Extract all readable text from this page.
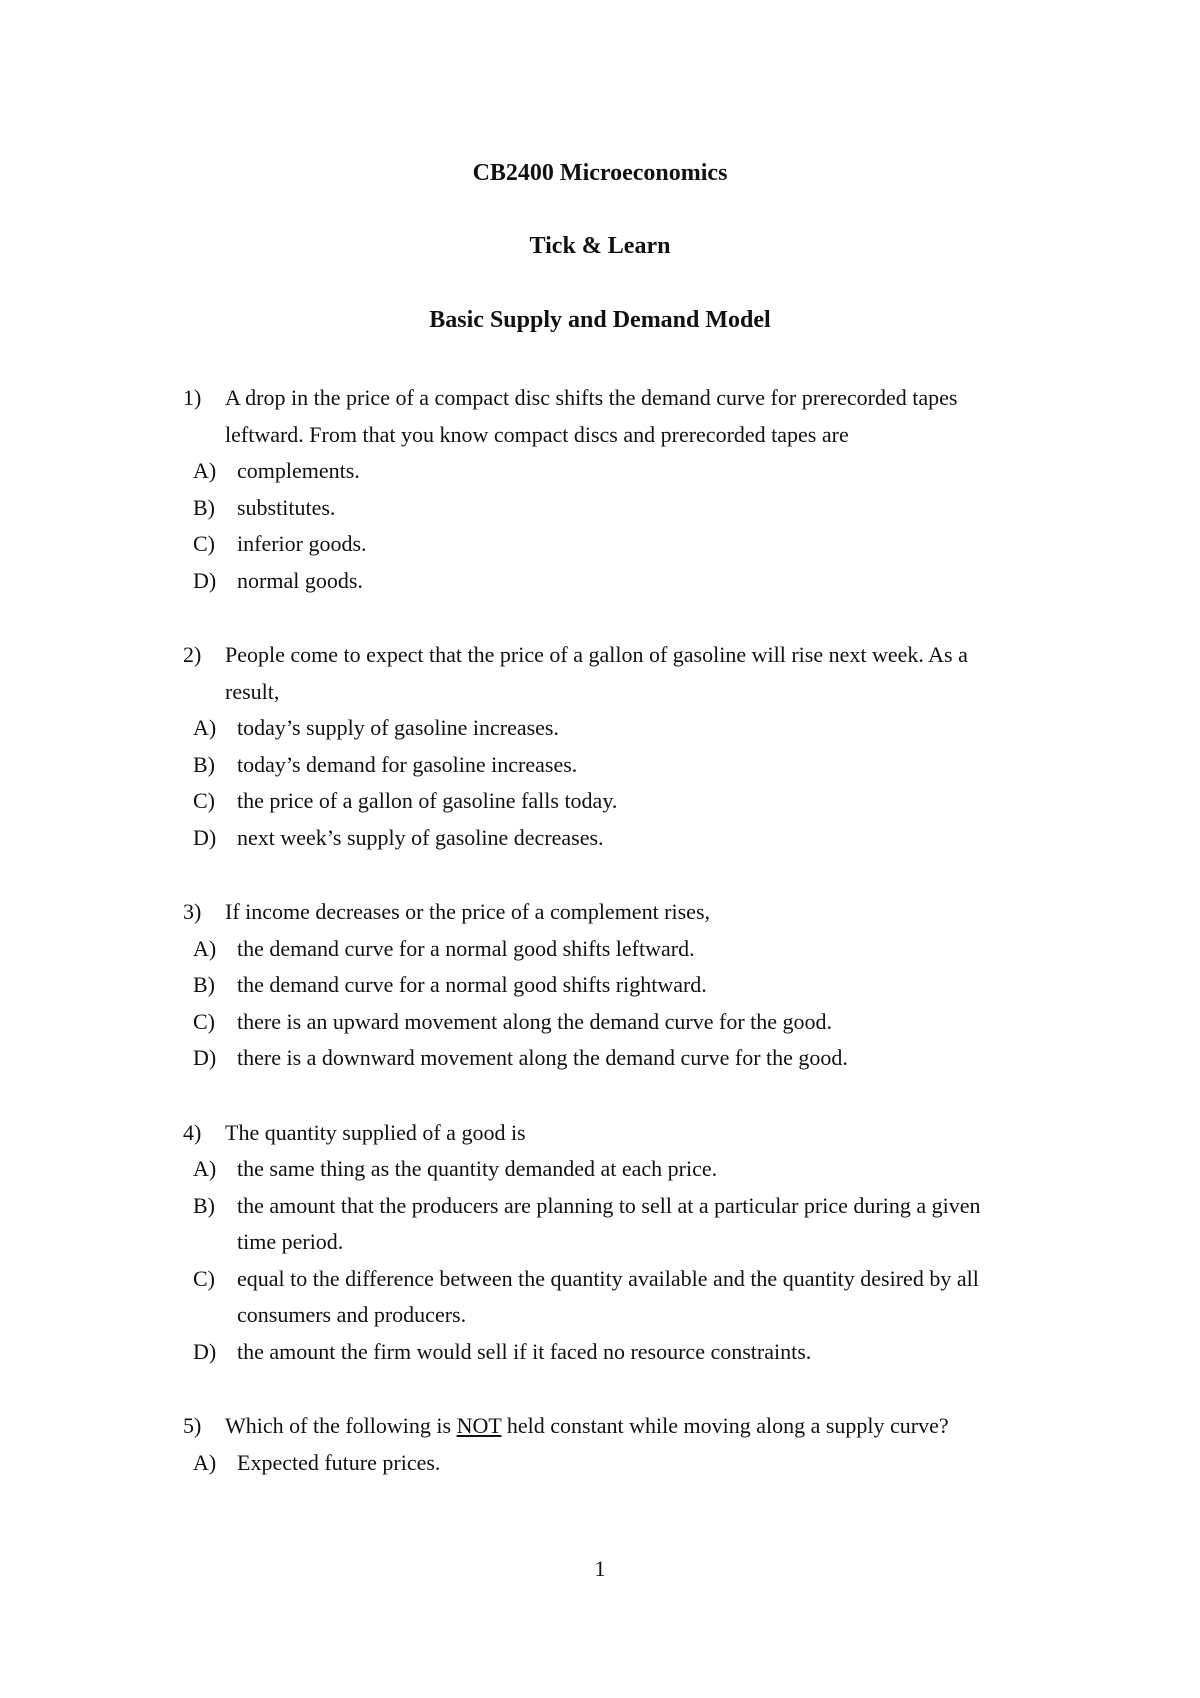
CB2400 Microeconomics
Tick & Learn
Basic Supply and Demand Model
1)	A drop in the price of a compact disc shifts the demand curve for prerecorded tapes leftward. From that you know compact discs and prerecorded tapes are
A) complements.
B)	substitutes.
C)	inferior goods.
D) normal goods.
2)	People come to expect that the price of a gallon of gasoline will rise next week. As a result,
A) today’s supply of gasoline increases.
B)	today’s demand for gasoline increases.
C)	the price of a gallon of gasoline falls today.
D) next week’s supply of gasoline decreases.
3)	If income decreases or the price of a complement rises,
A) the demand curve for a normal good shifts leftward.
B)	the demand curve for a normal good shifts rightward.
C)	there is an upward movement along the demand curve for the good.
D) there is a downward movement along the demand curve for the good.
4)	The quantity supplied of a good is
A) the same thing as the quantity demanded at each price.
B)	the amount that the producers are planning to sell at a particular price during a given time period.
C)	equal to the difference between the quantity available and the quantity desired by all consumers and producers.
D) the amount the firm would sell if it faced no resource constraints.
5)	Which of the following is NOT held constant while moving along a supply curve?
A) Expected future prices.
1
